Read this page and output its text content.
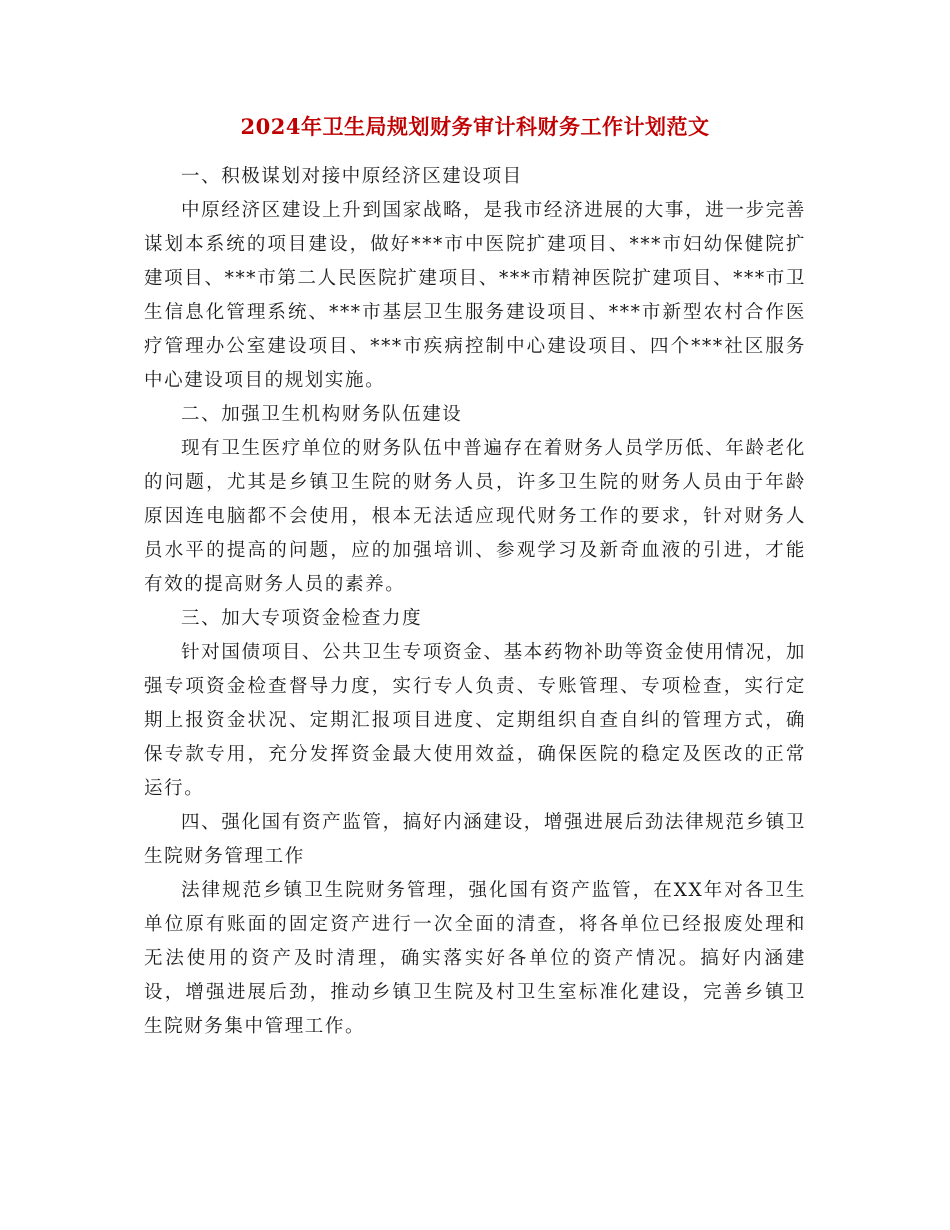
2024年卫生局规划财务审计科财务工作计划范文

一、积极谋划对接中原经济区建设项目

中原经济区建设上升到国家战略，是我市经济进展的大事，进一步完善谋划本系统的项目建设，做好***市中医院扩建项目、***市妇幼保健院扩建项目、***市第二人民医院扩建项目、***市精神医院扩建项目、***市卫生信息化管理系统、***市基层卫生服务建设项目、***市新型农村合作医疗管理办公室建设项目、***市疾病控制中心建设项目、四个***社区服务中心建设项目的规划实施。

二、加强卫生机构财务队伍建设

现有卫生医疗单位的财务队伍中普遍存在着财务人员学历低、年龄老化的问题，尤其是乡镇卫生院的财务人员，许多卫生院的财务人员由于年龄原因连电脑都不会使用，根本无法适应现代财务工作的要求，针对财务人员水平的提高的问题，应的加强培训、参观学习及新奇血液的引进，才能有效的提高财务人员的素养。

三、加大专项资金检查力度

针对国债项目、公共卫生专项资金、基本药物补助等资金使用情况，加强专项资金检查督导力度，实行专人负责、专账管理、专项检查，实行定期上报资金状况、定期汇报项目进度、定期组织自查自纠的管理方式，确保专款专用，充分发挥资金最大使用效益，确保医院的稳定及医改的正常运行。

四、强化国有资产监管，搞好内涵建设，增强进展后劲法律规范乡镇卫生院财务管理工作

法律规范乡镇卫生院财务管理，强化国有资产监管，在XX年对各卫生单位原有账面的固定资产进行一次全面的清查，将各单位已经报废处理和无法使用的资产及时清理，确实落实好各单位的资产情况。搞好内涵建设，增强进展后劲，推动乡镇卫生院及村卫生室标准化建设，完善乡镇卫生院财务集中管理工作。
